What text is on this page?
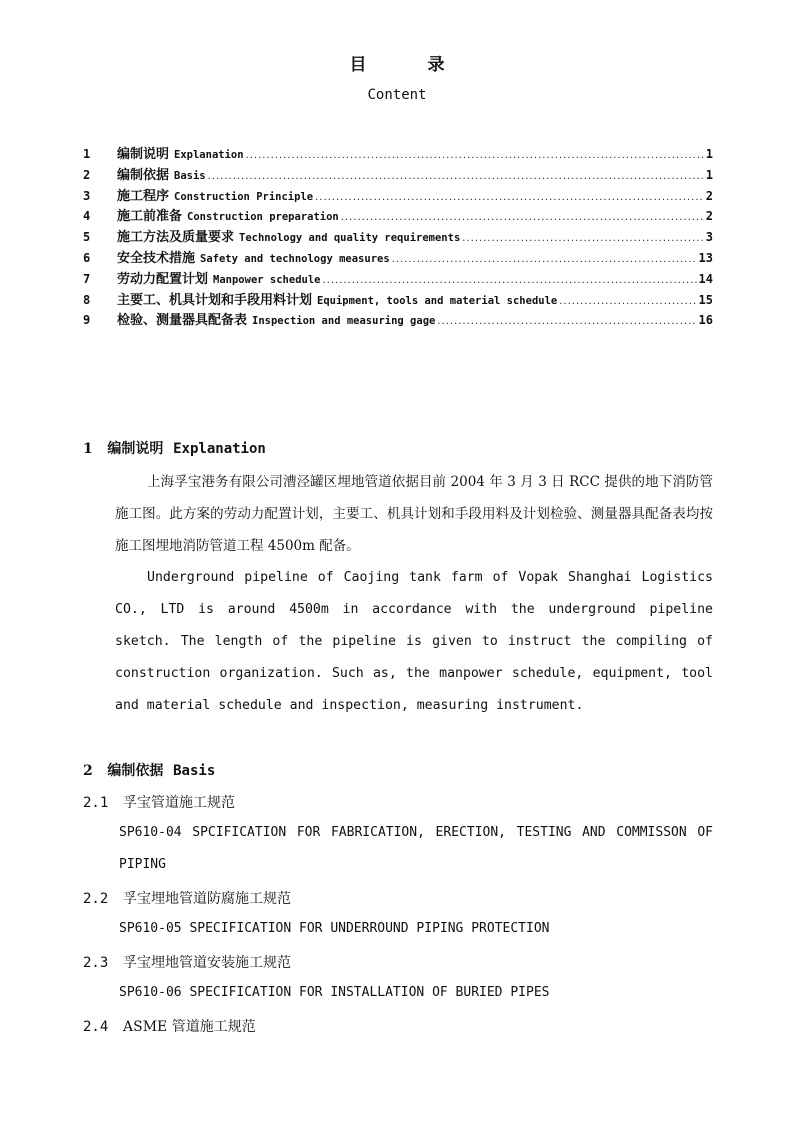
目　录
Content
1	编制说明 Explanation .....	1
2	编制依据 Basis .....	1
3	施工程序 Construction Principle .....	2
4	施工前准备 Construction preparation .....	2
5	施工方法及质量要求 Technology and quality requirements .....	3
6	安全技术措施 Safety and technology measures .....	13
7	劳动力配置计划 Manpower schedule .....	14
8	主要工、机具计划和手段用料计划 Equipment, tools and material schedule .....	15
9	检验、测量器具配备表 Inspection and measuring gage .....	16
1 编制说明 Explanation
上海孚宝港务有限公司漕泾罐区埋地管道依据目前 2004 年 3 月 3 日 RCC 提供的地下消防管施工图。此方案的劳动力配置计划，主要工、机具计划和手段用料及计划检验、测量器具配备表均按施工图埋地消防管道工程 4500m 配备。
Underground pipeline of Caojing tank farm of Vopak Shanghai Logistics CO., LTD is around 4500m in accordance with the underground pipeline sketch. The length of the pipeline is given to instruct the compiling of construction organization. Such as, the manpower schedule, equipment, tool and material schedule and inspection, measuring instrument.
2 编制依据  Basis
2.1 孚宝管道施工规范
SP610-04 SPCIFICATION FOR FABRICATION, ERECTION, TESTING AND COMMISSON OF PIPING
2.2 孚宝埋地管道防腐施工规范
SP610-05 SPECIFICATION FOR UNDERROUND PIPING PROTECTION
2.3 孚宝埋地管道安装施工规范
SP610-06 SPECIFICATION FOR INSTALLATION OF BURIED PIPES
2.4 ASME 管道施工规范
